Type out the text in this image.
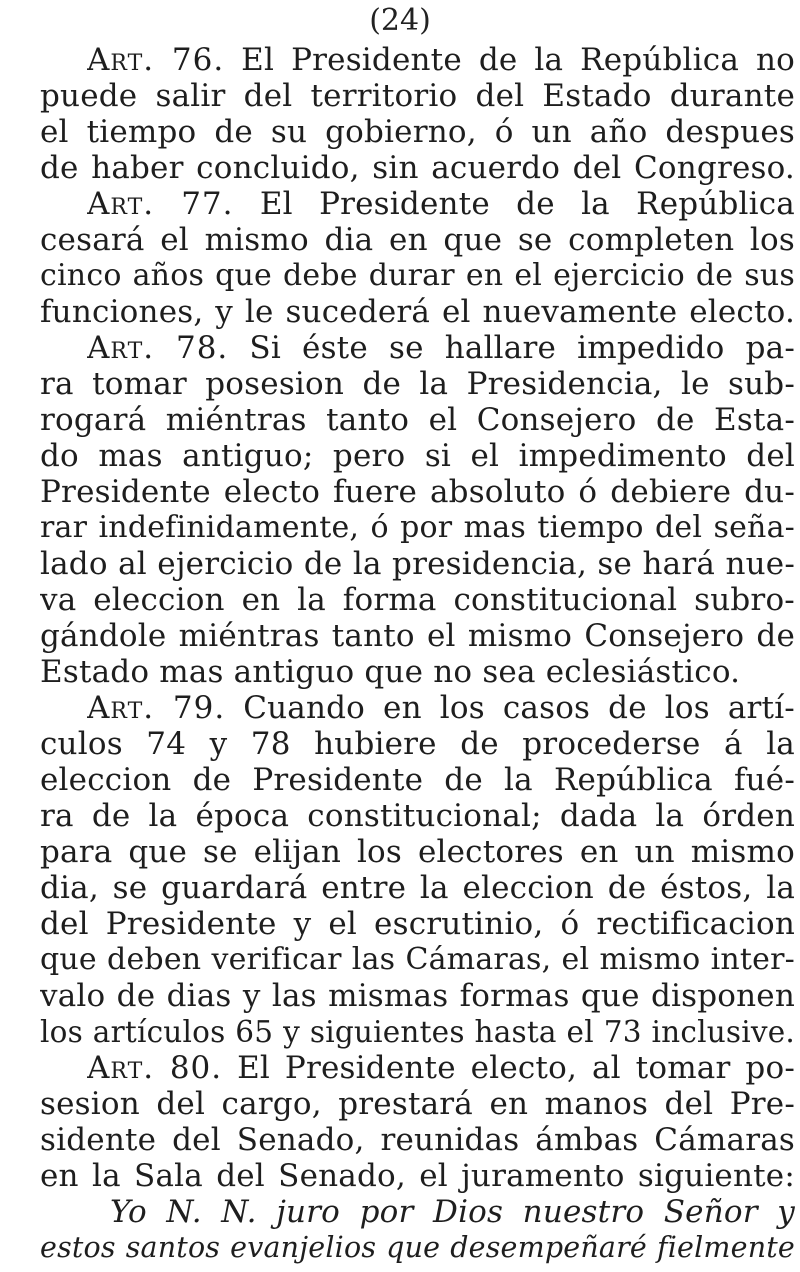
(24)
Art. 76. El Presidente de la República no
puede salir del territorio del Estado durante
el tiempo de su gobierno, ó un año despues
de haber concluido, sin acuerdo del Congreso.
Art. 77. El Presidente de la República
cesará el mismo dia en que se completen los
cinco años que debe durar en el ejercicio de sus
funciones, y le sucederá el nuevamente electo.
Art. 78. Si éste se hallare impedido pa-
ra tomar posesion de la Presidencia, le sub-
rogará miéntras tanto el Consejero de Esta-
do mas antiguo; pero si el impedimento del
Presidente electo fuere absoluto ó debiere du-
rar indefinidamente, ó por mas tiempo del seña-
lado al ejercicio de la presidencia, se hará nue-
va eleccion en la forma constitucional subro-
gándole miéntras tanto el mismo Consejero de
Estado mas antiguo que no sea eclesiástico.
Art. 79. Cuando en los casos de los artí-
culos 74 y 78 hubiere de procederse á la
eleccion de Presidente de la República fué-
ra de la época constitucional; dada la órden
para que se elijan los electores en un mismo
dia, se guardará entre la eleccion de éstos, la
del Presidente y el escrutinio, ó rectificacion
que deben verificar las Cámaras, el mismo inter-
valo de dias y las mismas formas que disponen
los artículos 65 y siguientes hasta el 73 inclusive.
Art. 80. El Presidente electo, al tomar po-
sesion del cargo, prestará en manos del Pre-
sidente del Senado, reunidas ámbas Cámaras
en la Sala del Senado, el juramento siguiente:
Yo N. N. juro por Dios nuestro Señor y
estos santos evanjelios que desempeñaré fielmente
